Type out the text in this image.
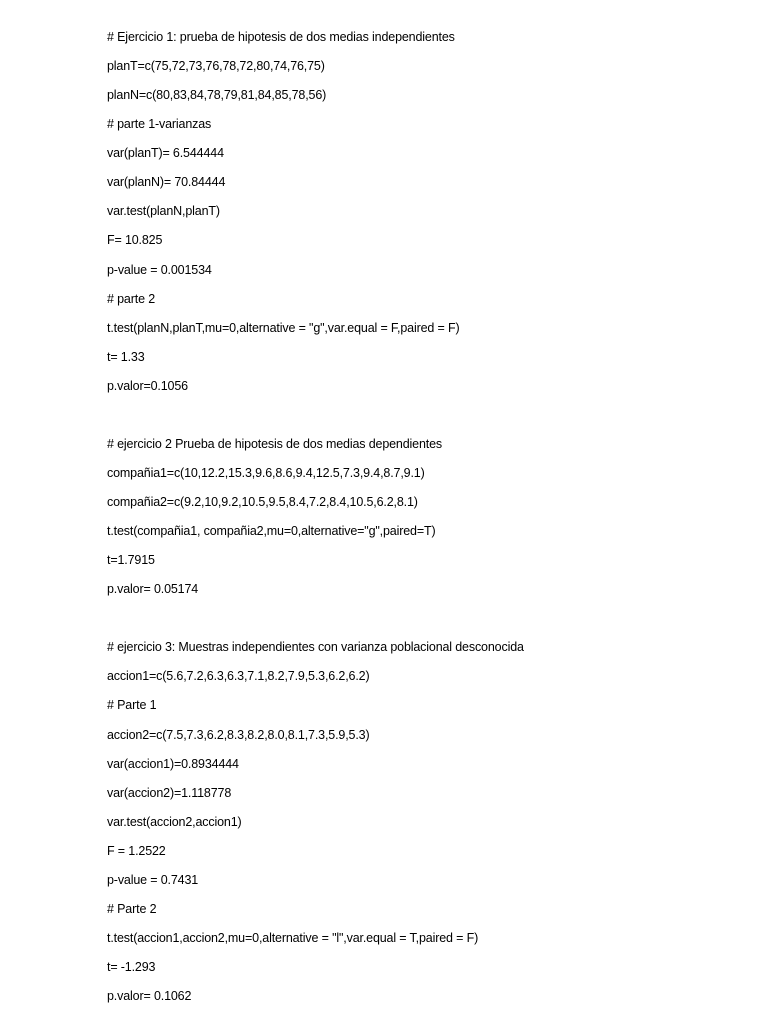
# Ejercicio 1: prueba de hipotesis de dos medias independientes
planT=c(75,72,73,76,78,72,80,74,76,75)
planN=c(80,83,84,78,79,81,84,85,78,56)
# parte 1-varianzas
var(planT)= 6.544444
var(planN)= 70.84444
var.test(planN,planT)
F= 10.825
p-value = 0.001534
# parte 2
t.test(planN,planT,mu=0,alternative = "g",var.equal = F,paired = F)
t= 1.33
p.valor=0.1056
# ejercicio 2 Prueba de hipotesis de dos medias dependientes
compañia1=c(10,12.2,15.3,9.6,8.6,9.4,12.5,7.3,9.4,8.7,9.1)
compañia2=c(9.2,10,9.2,10.5,9.5,8.4,7.2,8.4,10.5,6.2,8.1)
t.test(compañia1, compañia2,mu=0,alternative="g",paired=T)
t=1.7915
p.valor= 0.05174
# ejercicio 3: Muestras independientes con varianza poblacional desconocida
accion1=c(5.6,7.2,6.3,6.3,7.1,8.2,7.9,5.3,6.2,6.2)
# Parte 1
accion2=c(7.5,7.3,6.2,8.3,8.2,8.0,8.1,7.3,5.9,5.3)
var(accion1)=0.8934444
var(accion2)=1.118778
var.test(accion2,accion1)
F = 1.2522
p-value = 0.7431
# Parte 2
t.test(accion1,accion2,mu=0,alternative = "l",var.equal = T,paired = F)
t= -1.293
p.valor= 0.1062
